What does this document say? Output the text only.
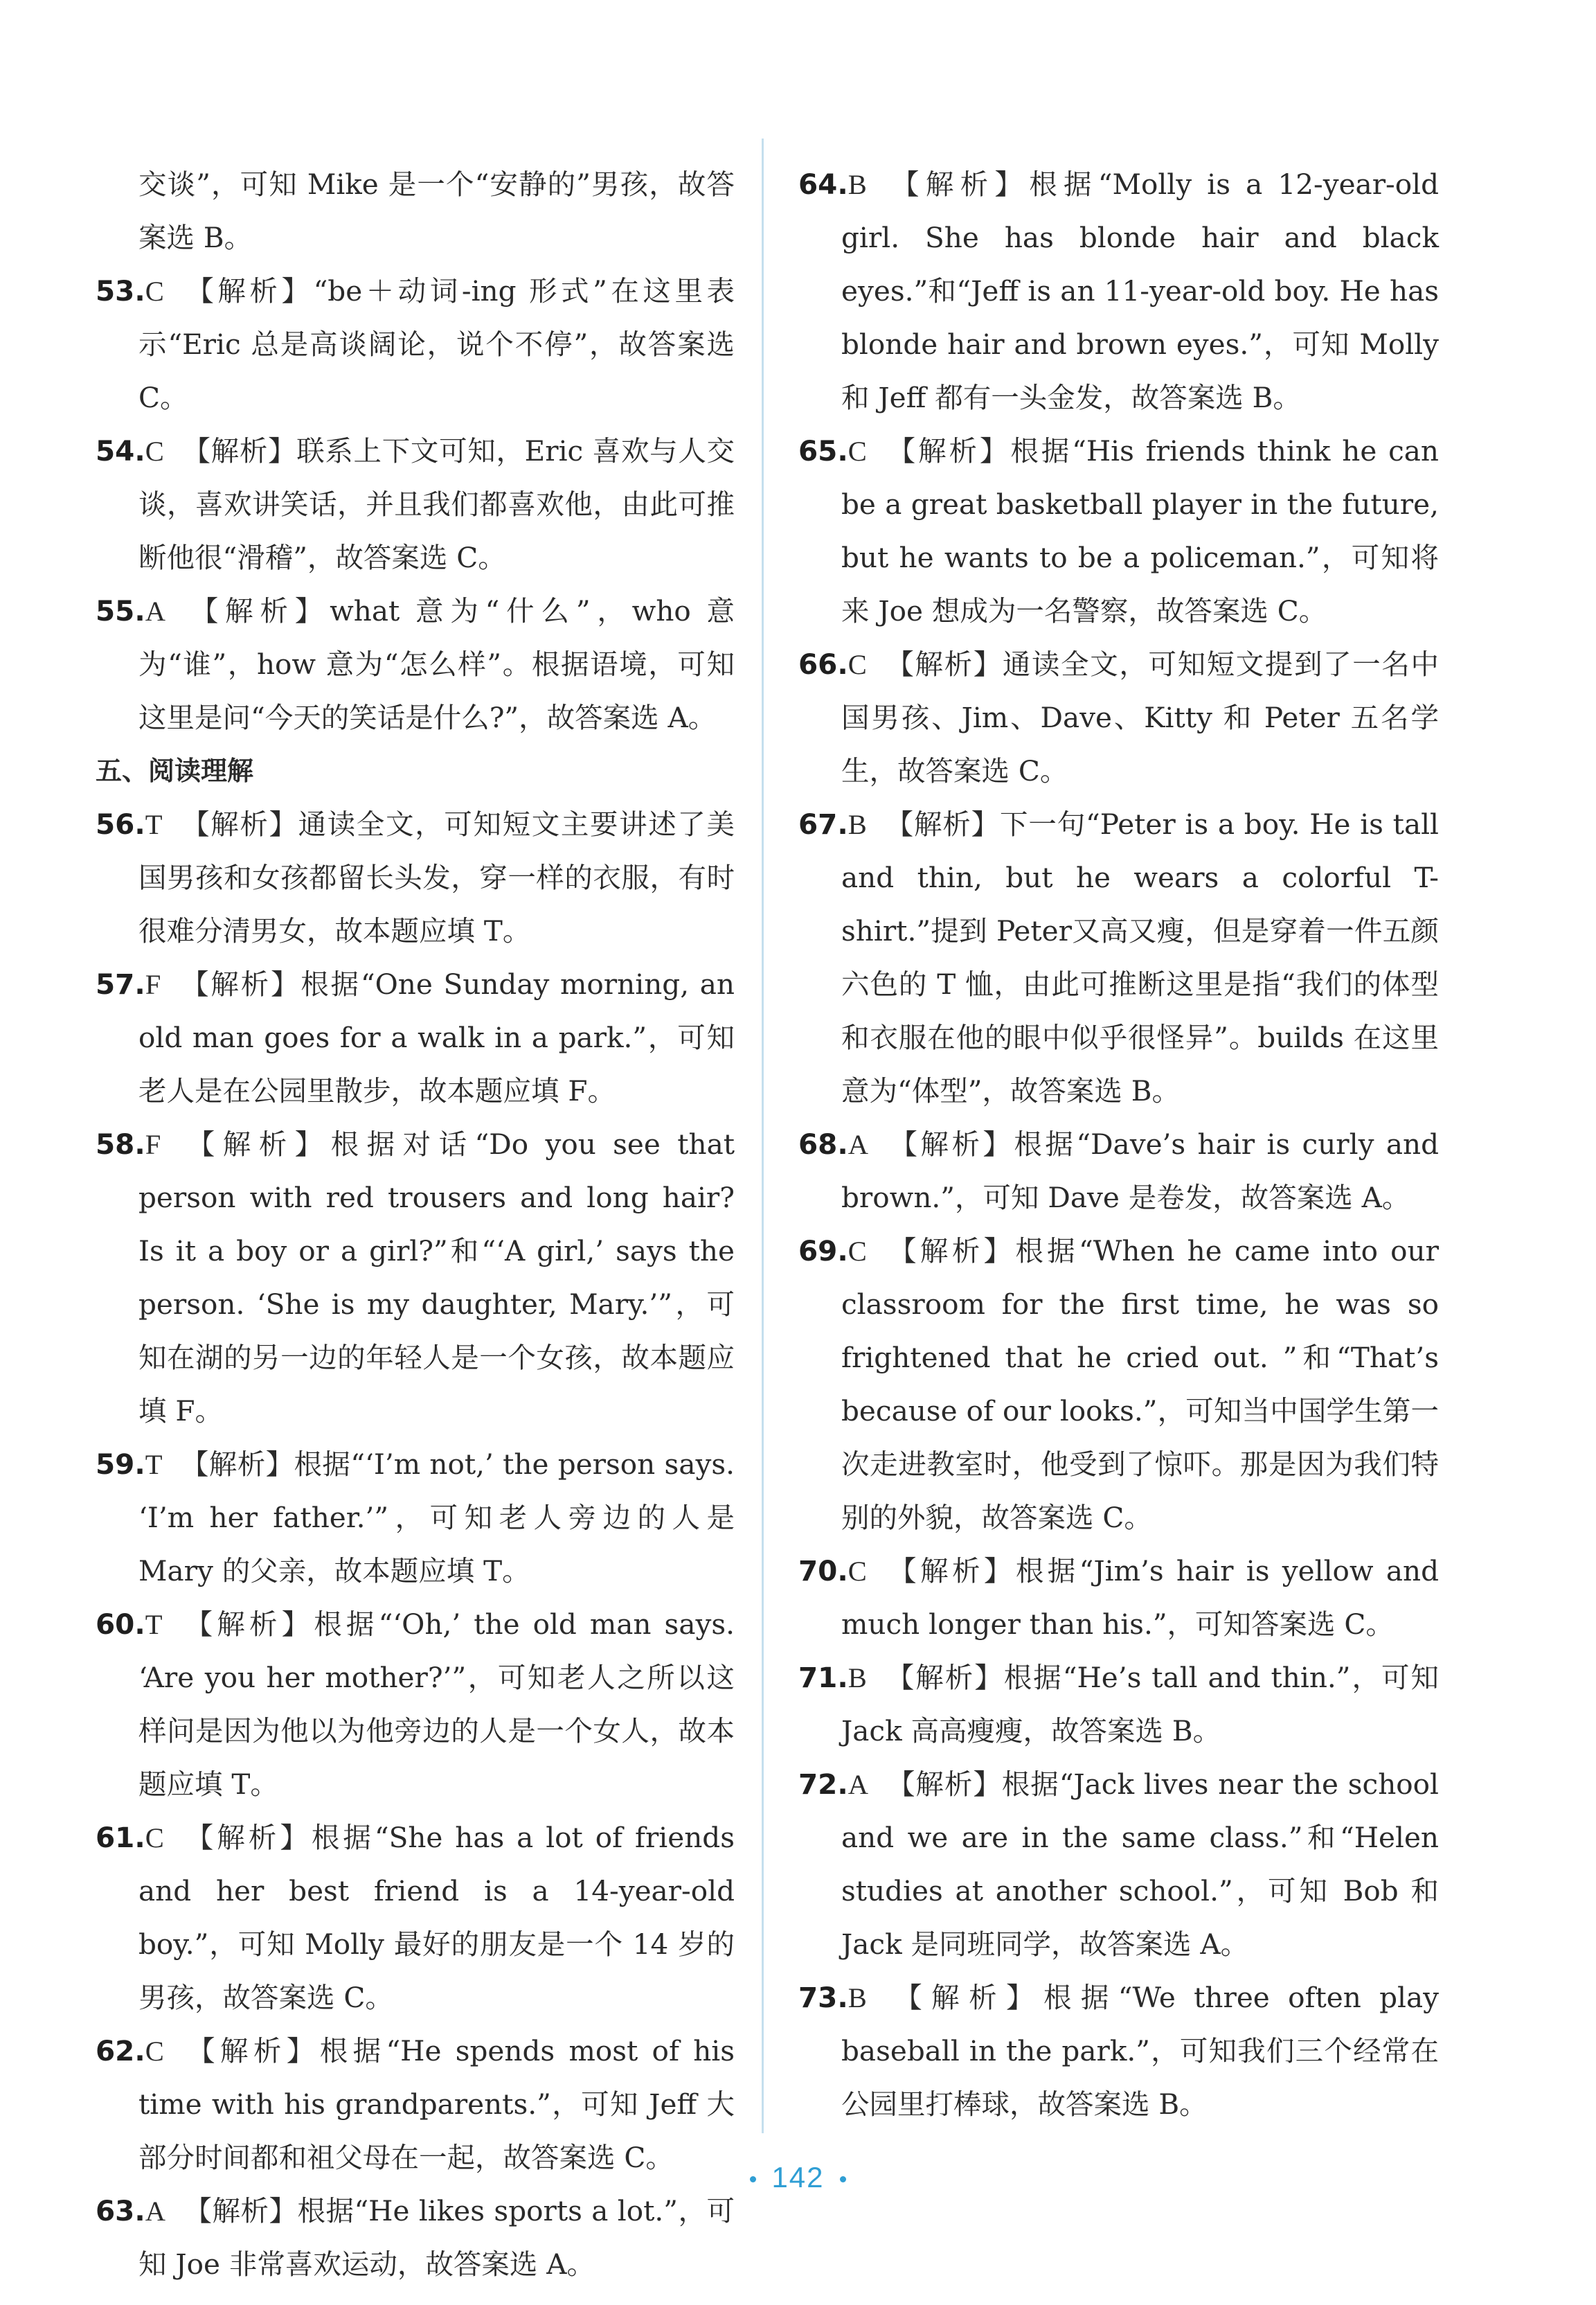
交谈”，可知 Mike 是一个“安静的”男孩，故答案选 B。

53.C 【解析】“be＋动词-ing 形式”在这里表示“Eric 总是高谈阔论，说个不停”，故答案选 C。

54.C 【解析】联系上下文可知，Eric 喜欢与人交谈，喜欢讲笑话，并且我们都喜欢他，由此可推断他很“滑稽”，故答案选 C。

55.A 【解析】what 意为“什么”，who 意为“谁”，how 意为“怎么样”。根据语境，可知这里是问“今天的笑话是什么?”，故答案选 A。

五、阅读理解

56.T 【解析】通读全文，可知短文主要讲述了美国男孩和女孩都留长头发，穿一样的衣服，有时很难分清男女，故本题应填 T。

57.F 【解析】根据“One Sunday morning, an old man goes for a walk in a park.”，可知老人是在公园里散步，故本题应填 F。

58.F 【解析】根据对话“Do you see that person with red trousers and long hair? Is it a boy or a girl?”和“‘A girl,’ says the person. ‘She is my daughter, Mary.’”，可知在湖的另一边的年轻人是一个女孩，故本题应填 F。

59.T 【解析】根据“‘I’m not,’ the person says. ‘I’m her father.’”，可知老人旁边的人是 Mary 的父亲，故本题应填 T。

60.T 【解析】根据“‘Oh,’ the old man says. ‘Are you her mother?’”，可知老人之所以这样问是因为他以为他旁边的人是一个女人，故本题应填 T。

61.C 【解析】根据“She has a lot of friends and her best friend is a 14-year-old boy.”，可知 Molly 最好的朋友是一个 14 岁的男孩，故答案选 C。

62.C 【解析】根据“He spends most of his time with his grandparents.”，可知 Jeff 大部分时间都和祖父母在一起，故答案选 C。

63.A 【解析】根据“He likes sports a lot.”，可知 Joe 非常喜欢运动，故答案选 A。

64.B 【解析】根据“Molly is a 12-year-old girl. She has blonde hair and black eyes.”和“Jeff is an 11-year-old boy. He has blonde hair and brown eyes.”，可知 Molly 和 Jeff 都有一头金发，故答案选 B。

65.C 【解析】根据“His friends think he can be a great basketball player in the future, but he wants to be a policeman.”，可知将来 Joe 想成为一名警察，故答案选 C。

66.C 【解析】通读全文，可知短文提到了一名中国男孩、Jim、Dave、Kitty 和 Peter 五名学生，故答案选 C。

67.B 【解析】下一句“Peter is a boy. He is tall and thin, but he wears a colorful T-shirt.”提到 Peter又高又瘦，但是穿着一件五颜六色的 T 恤，由此可推断这里是指“我们的体型和衣服在他的眼中似乎很怪异”。builds 在这里意为“体型”，故答案选 B。

68.A 【解析】根据“Dave’s hair is curly and brown.”，可知 Dave 是卷发，故答案选 A。

69.C 【解析】根据“When he came into our classroom for the first time, he was so frightened that he cried out. ”和“That’s because of our looks.”，可知当中国学生第一次走进教室时，他受到了惊吓。那是因为我们特别的外貌，故答案选 C。

70.C 【解析】根据“Jim’s hair is yellow and much longer than his.”，可知答案选 C。

71.B 【解析】根据“He’s tall and thin.”，可知 Jack 高高瘦瘦，故答案选 B。

72.A 【解析】根据“Jack lives near the school and we are in the same class.”和“Helen studies at another school.”，可知 Bob 和 Jack 是同班同学，故答案选 A。

73.B 【解析】根据“We three often play baseball in the park.”，可知我们三个经常在公园里打棒球，故答案选 B。

142
